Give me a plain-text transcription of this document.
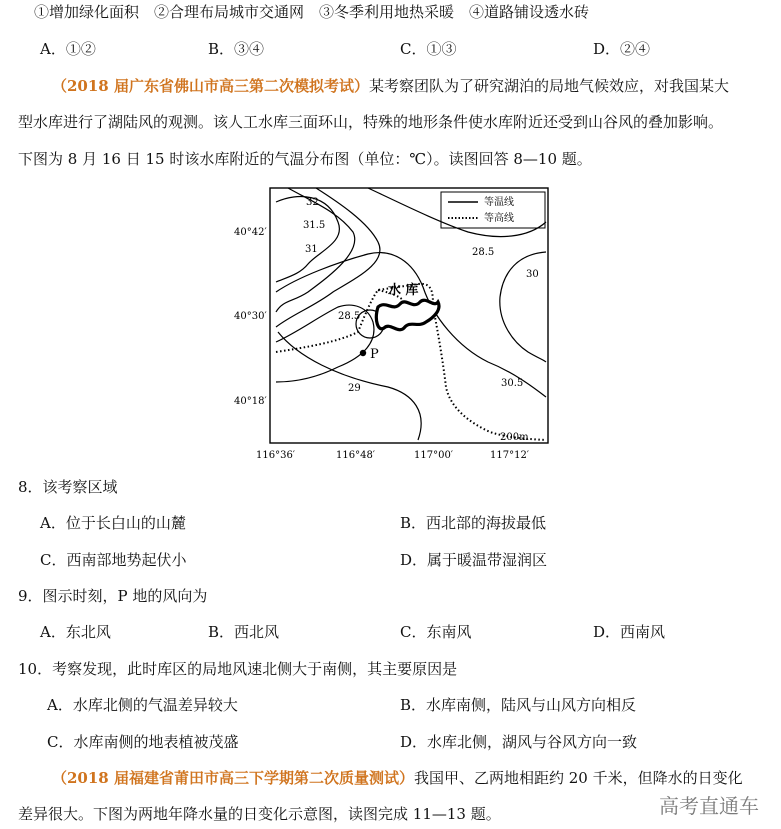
①增加绿化面积　②合理布局城市交通网　③冬季利用地热采暖　④道路铺设透水砖
A．①②	B．③④	C．①③	D．②④
（2018 届广东省佛山市高三第二次模拟考试）某考察团队为了研究湖泊的局地气候效应，对我国某大
型水库进行了湖陆风的观测。该人工水库三面环山，特殊的地形条件使水库附近还受到山谷风的叠加影响。
下图为 8 月 16 日 15 时该水库附近的气温分布图（单位：℃）。读图回答 8—10 题。
等温线
等高线
水 库
P
32
31.5
31	28.5
28.5
30
30.5
29
200m
40°42′
40°30′
40°18′
116°36′	116°48′	117°00′	117°12′
8．该考察区域
A．位于长白山的山麓	B．西北部的海拔最低
C．西南部地势起伏小	D．属于暖温带湿润区
9．图示时刻，P 地的风向为
A．东北风	B．西北风	C．东南风	D．西南风
10．考察发现，此时库区的局地风速北侧大于南侧，其主要原因是
A．水库北侧的气温差异较大	B．水库南侧，陆风与山风方向相反
C．水库南侧的地表植被茂盛	D．水库北侧，湖风与谷风方向一致
（2018 届福建省莆田市高三下学期第二次质量测试）我国甲、乙两地相距约 20 千米，但降水的日变化
差异很大。下图为两地年降水量的日变化示意图，读图完成 11—13 题。	高考直通车
